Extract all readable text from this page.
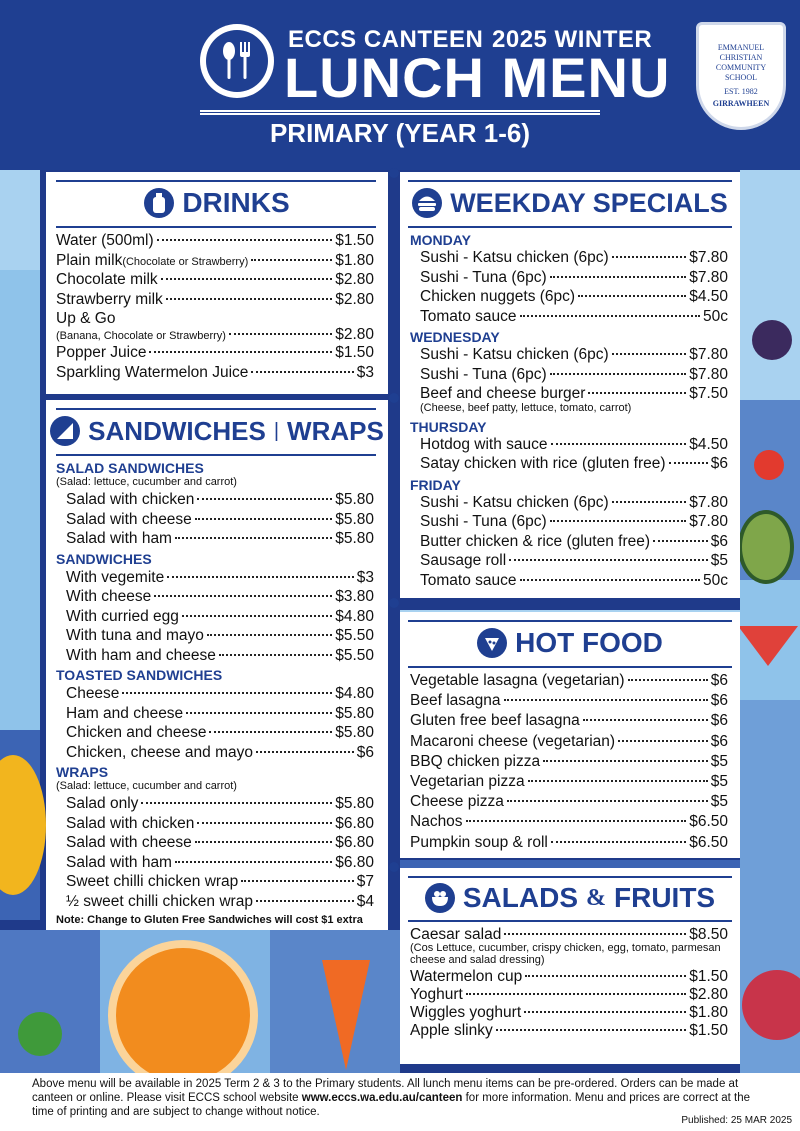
ECCS CANTEEN 2025 WINTER
LUNCH MENU
PRIMARY (YEAR 1-6)
EMMANUEL
CHRISTIAN
COMMUNITY
SCHOOL
EST. 1982
GIRRAWHEEN
DRINKS
Water (500ml)	$1.50
Plain milk (Chocolate or Strawberry)	$1.80
Chocolate milk	$2.80
Strawberry milk	$2.80
Up & Go
(Banana, Chocolate or Strawberry)	$2.80
Popper Juice	$1.50
Sparkling Watermelon Juice	$3
SANDWICHES | WRAPS
SALAD SANDWICHES
(Salad: lettuce, cucumber and carrot)
Salad with chicken	$5.80
Salad with cheese	$5.80
Salad with ham	$5.80
SANDWICHES
With vegemite	$3
With cheese	$3.80
With curried egg	$4.80
With tuna and mayo	$5.50
With ham and cheese	$5.50
TOASTED SANDWICHES
Cheese	$4.80
Ham and cheese	$5.80
Chicken and cheese	$5.80
Chicken, cheese and mayo	$6
WRAPS
(Salad: lettuce, cucumber and carrot)
Salad only	$5.80
Salad with chicken	$6.80
Salad with cheese	$6.80
Salad with ham	$6.80
Sweet chilli chicken wrap	$7
½ sweet chilli chicken wrap	$4
Note: Change to Gluten Free Sandwiches will cost $1 extra
WEEKDAY SPECIALS
MONDAY
Sushi - Katsu chicken (6pc)	$7.80
Sushi - Tuna (6pc)	$7.80
Chicken nuggets (6pc)	$4.50
Tomato sauce	50c
WEDNESDAY
Sushi - Katsu chicken (6pc)	$7.80
Sushi - Tuna (6pc)	$7.80
Beef and cheese burger	$7.50
(Cheese, beef patty, lettuce, tomato, carrot)
THURSDAY
Hotdog with sauce	$4.50
Satay chicken with rice (gluten free)	$6
FRIDAY
Sushi - Katsu chicken (6pc)	$7.80
Sushi - Tuna (6pc)	$7.80
Butter chicken & rice (gluten free)	$6
Sausage roll	$5
Tomato sauce	50c
HOT FOOD
Vegetable lasagna (vegetarian)	$6
Beef lasagna	$6
Gluten free beef lasagna	$6
Macaroni cheese (vegetarian)	$6
BBQ chicken pizza	$5
Vegetarian pizza	$5
Cheese pizza	$5
Nachos	$6.50
Pumpkin soup & roll	$6.50
SALADS & FRUITS
Caesar salad	$8.50
(Cos Lettuce, cucumber, crispy chicken, egg, tomato, parmesan cheese and salad dressing)
Watermelon cup	$1.50
Yoghurt	$2.80
Wiggles yoghurt	$1.80
Apple slinky	$1.50
Above menu will be available in 2025 Term 2 & 3 to the Primary students. All lunch menu items can be pre-ordered. Orders can be made at canteen or online. Please visit ECCS school website www.eccs.wa.edu.au/canteen for more information. Menu and prices are correct at the time of printing and are subject to change without notice.
Published: 25 MAR 2025
